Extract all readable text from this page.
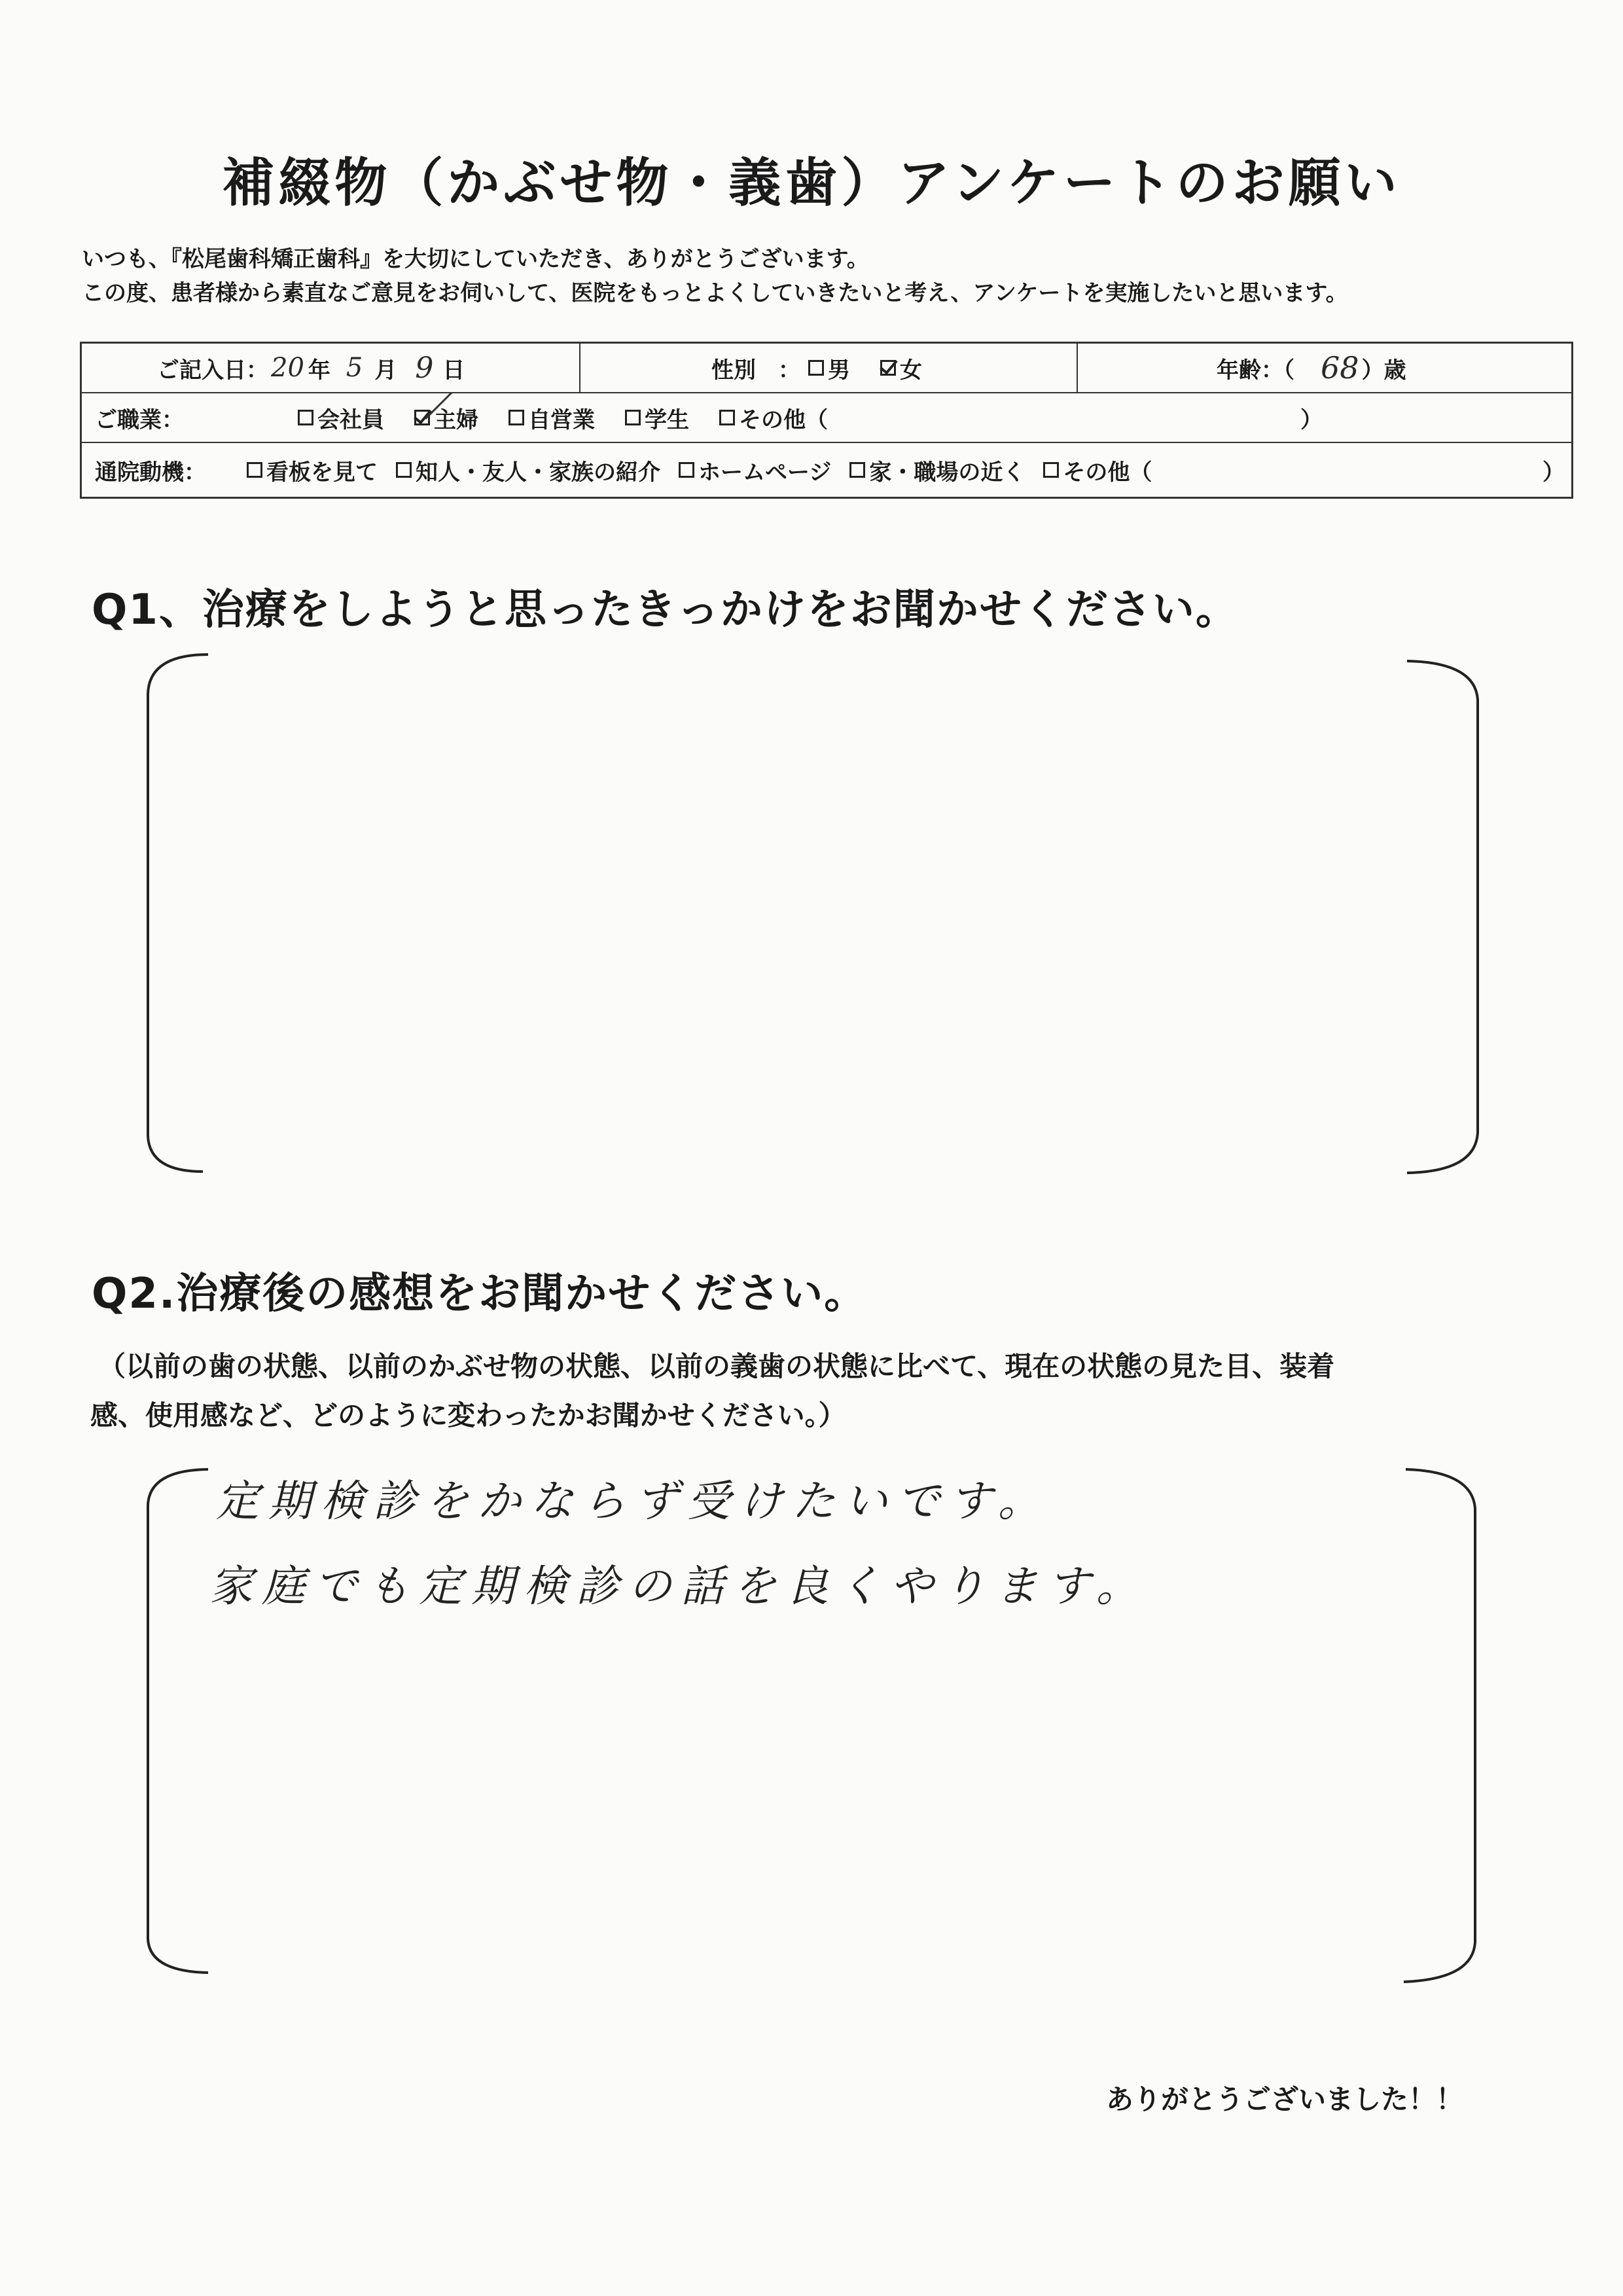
補綴物（かぶせ物・義歯）アンケートのお願い
いつも、『松尾歯科矯正歯科』を大切にしていただき、ありがとうございます。
この度、患者様から素直なご意見をお伺いして、医院をもっとよくしていきたいと考え、アンケートを実施したいと思います。
ご記入日： 20 年 5 月 9 日	性別　： 男 女	年齢：（ 68 ）歳
ご職業：	会社員 主婦 自営業 学生 その他（	）
通院動機：	看板を見て 知人・友人・家族の紹介 ホームページ 家・職場の近く その他（	）
Q1、治療をしようと思ったきっかけをお聞かせください。
Q2.治療後の感想をお聞かせください。
（以前の歯の状態、以前のかぶせ物の状態、以前の義歯の状態に比べて、現在の状態の見た目、装着
感、使用感など、どのように変わったかお聞かせください。）
定期検診をかならず受けたいです。
家庭でも定期検診の話を良くやります。
ありがとうございました！！
